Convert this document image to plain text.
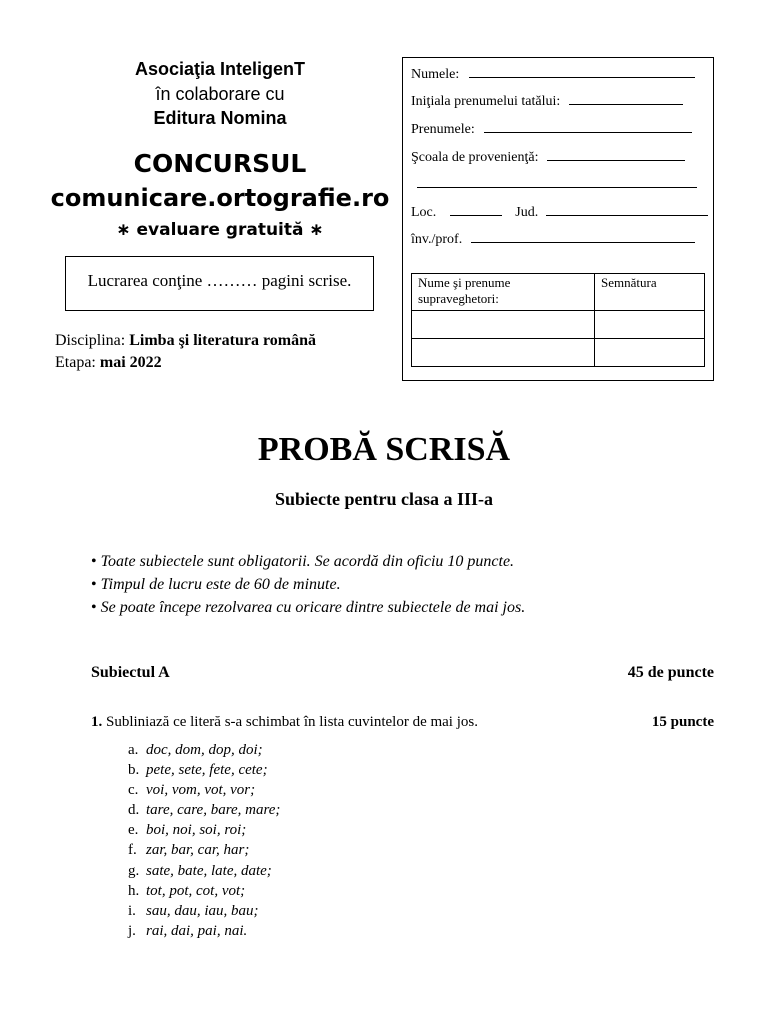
Asociaţia InteligenT
în colaborare cu
Editura Nomina
CONCURSUL
comunicare.ortografie.ro
∗ evaluare gratuită ∗
Lucrarea conţine ……… pagini scrise.
Disciplina: Limba şi literatura română
Etapa: mai 2022
Numele:
Iniţiala prenumelui tatălui:
Prenumele:
Şcoala de provenienţă:
Loc.	Jud.
înv./prof.
Nume şi prenume supraveghetori:	Semnătura

PROBĂ SCRISĂ
Subiecte pentru clasa a III-a
• Toate subiectele sunt obligatorii. Se acordă din oficiu 10 puncte.
• Timpul de lucru este de 60 de minute.
• Se poate începe rezolvarea cu oricare dintre subiectele de mai jos.
Subiectul A	45 de puncte
1. Subliniază ce literă s-a schimbat în lista cuvintelor de mai jos.	15 puncte
a. doc, dom, dop, doi;
b. pete, sete, fete, cete;
c. voi, vom, vot, vor;
d. tare, care, bare, mare;
e. boi, noi, soi, roi;
f. zar, bar, car, har;
g. sate, bate, late, date;
h. tot, pot, cot, vot;
i. sau, dau, iau, bau;
j. rai, dai, pai, nai.
